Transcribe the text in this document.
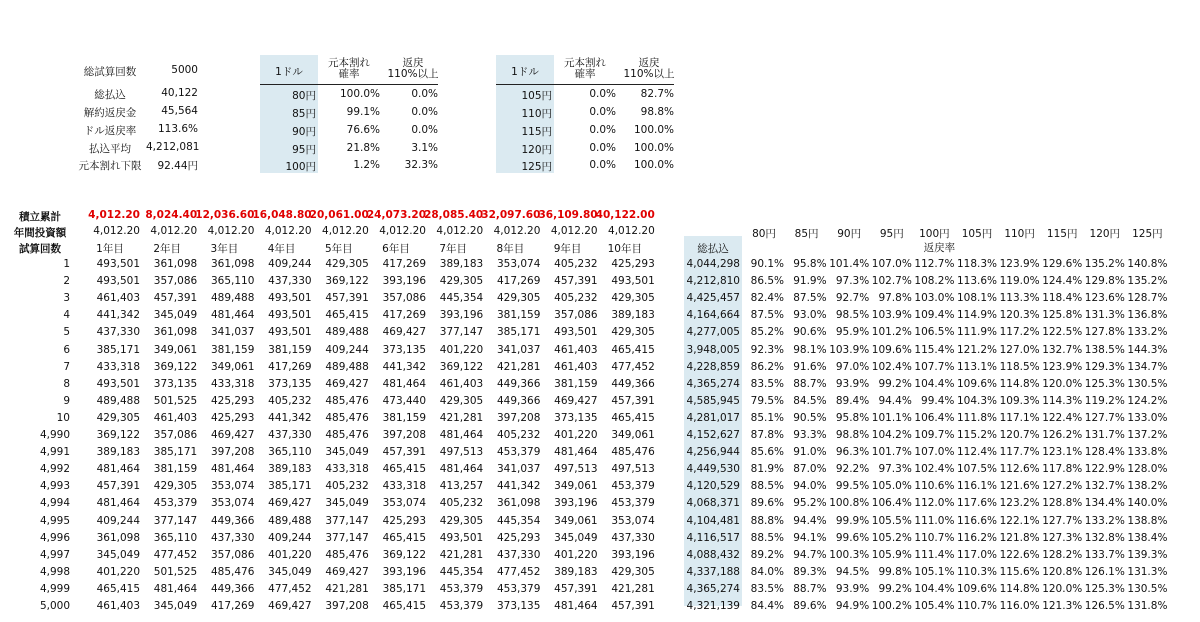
総試算回数	5000
総払込	40,122
解約返戻金	45,564
ドル返戻率	113.6%
払込平均	4,212,081
元本割れ下限	92.44円
1ドル
元本割れ
確率
返戻
110%以上
80円	100.0%	0.0%
85円	99.1%	0.0%
90円	76.6%	0.0%
95円	21.8%	3.1%
100円	1.2%	32.3%
1ドル
元本割れ
確率
返戻
110%以上
105円	0.0%	82.7%
110円	0.0%	98.8%
115円	0.0%	100.0%
120円	0.0%	100.0%
125円	0.0%	100.0%
積立累計
年間投資額
試算回数
4,012.20 8,024.40
12,036.60
16,048.80
20,061.00
24,073.20
28,085.40
32,097.60
36,109.80
40,122.00
4,012.20 4,012.20 4,012.20 4,012.20 4,012.20 4,012.20 4,012.20 4,012.20 4,012.20 4,012.20
1年目	2年目	3年目	4年目	5年目	6年目	7年目	8年目	9年目	10年目	総払込
80円	85円	90円	95円	100円	105円	110円	115円	120円	125円
返戻率
1	493,501	361,098	361,098	409,244	429,305	417,269	389,183	353,074	405,232	425,293	4,044,298	90.1% 95.8% 101.4% 107.0% 112.7% 118.3% 123.9% 129.6% 135.2% 140.8%
2	493,501	357,086	365,110	437,330	369,122	393,196	429,305	417,269	457,391	493,501	4,212,810	86.5% 91.9% 97.3% 102.7% 108.2% 113.6% 119.0% 124.4% 129.8% 135.2%
3	461,403	457,391	489,488	493,501	457,391	357,086	445,354	429,305	405,232	429,305	4,425,457	82.4% 87.5% 92.7% 97.8% 103.0% 108.1% 113.3% 118.4% 123.6% 128.7%
4	441,342	345,049	481,464	493,501	465,415	417,269	393,196	381,159	357,086	389,183	4,164,664	87.5% 93.0% 98.5% 103.9% 109.4% 114.9% 120.3% 125.8% 131.3% 136.8%
5	437,330	361,098	341,037	493,501	489,488	469,427	377,147	385,171	493,501	429,305	4,277,005	85.2% 90.6% 95.9% 101.2% 106.5% 111.9% 117.2% 122.5% 127.8% 133.2%
6	385,171	349,061	381,159	381,159	409,244	373,135	401,220	341,037	461,403	465,415	3,948,005	92.3% 98.1% 103.9% 109.6% 115.4% 121.2% 127.0% 132.7% 138.5% 144.3%
7	433,318	369,122	349,061	417,269	489,488	441,342	369,122	421,281	461,403	477,452	4,228,859	86.2% 91.6% 97.0% 102.4% 107.7% 113.1% 118.5% 123.9% 129.3% 134.7%
8	493,501	373,135	433,318	373,135	469,427	481,464	461,403	449,366	381,159	449,366	4,365,274	83.5% 88.7% 93.9% 99.2% 104.4% 109.6% 114.8% 120.0% 125.3% 130.5%
9	489,488	501,525	425,293	405,232	485,476	473,440	429,305	449,366	469,427	457,391	4,585,945	79.5% 84.5% 89.4% 94.4% 99.4% 104.3% 109.3% 114.3% 119.2% 124.2%
10	429,305	461,403	425,293	441,342	485,476	381,159	421,281	397,208	373,135	465,415	4,281,017	85.1% 90.5% 95.8% 101.1% 106.4% 111.8% 117.1% 122.4% 127.7% 133.0%
4,990	369,122	357,086	469,427	437,330	485,476	397,208	481,464	405,232	401,220	349,061	4,152,627	87.8% 93.3% 98.8% 104.2% 109.7% 115.2% 120.7% 126.2% 131.7% 137.2%
4,991	389,183	385,171	397,208	365,110	345,049	457,391	497,513	453,379	481,464	485,476	4,256,944	85.6% 91.0% 96.3% 101.7% 107.0% 112.4% 117.7% 123.1% 128.4% 133.8%
4,992	481,464	381,159	481,464	389,183	433,318	465,415	481,464	341,037	497,513	497,513	4,449,530	81.9% 87.0% 92.2% 97.3% 102.4% 107.5% 112.6% 117.8% 122.9% 128.0%
4,993	457,391	429,305	353,074	385,171	405,232	433,318	413,257	441,342	349,061	453,379	4,120,529	88.5% 94.0% 99.5% 105.0% 110.6% 116.1% 121.6% 127.2% 132.7% 138.2%
4,994	481,464	453,379	353,074	469,427	345,049	353,074	405,232	361,098	393,196	453,379	4,068,371	89.6% 95.2% 100.8% 106.4% 112.0% 117.6% 123.2% 128.8% 134.4% 140.0%
4,995	409,244	377,147	449,366	489,488	377,147	425,293	429,305	445,354	349,061	353,074	4,104,481	88.8% 94.4% 99.9% 105.5% 111.0% 116.6% 122.1% 127.7% 133.2% 138.8%
4,996	361,098	365,110	437,330	409,244	377,147	465,415	493,501	425,293	345,049	437,330	4,116,517	88.5% 94.1% 99.6% 105.2% 110.7% 116.2% 121.8% 127.3% 132.8% 138.4%
4,997	345,049	477,452	357,086	401,220	485,476	369,122	421,281	437,330	401,220	393,196	4,088,432	89.2% 94.7% 100.3% 105.9% 111.4% 117.0% 122.6% 128.2% 133.7% 139.3%
4,998	401,220	501,525	485,476	345,049	469,427	393,196	445,354	477,452	389,183	429,305	4,337,188	84.0% 89.3% 94.5% 99.8% 105.1% 110.3% 115.6% 120.8% 126.1% 131.3%
4,999	465,415	481,464	449,366	477,452	421,281	385,171	453,379	453,379	457,391	421,281	4,365,274	83.5% 88.7% 93.9% 99.2% 104.4% 109.6% 114.8% 120.0% 125.3% 130.5%
5,000	461,403	345,049	417,269	469,427	397,208	465,415	453,379	373,135	481,464	457,391	4,321,139	84.4% 89.6% 94.9% 100.2% 105.4% 110.7% 116.0% 121.3% 126.5% 131.8%
